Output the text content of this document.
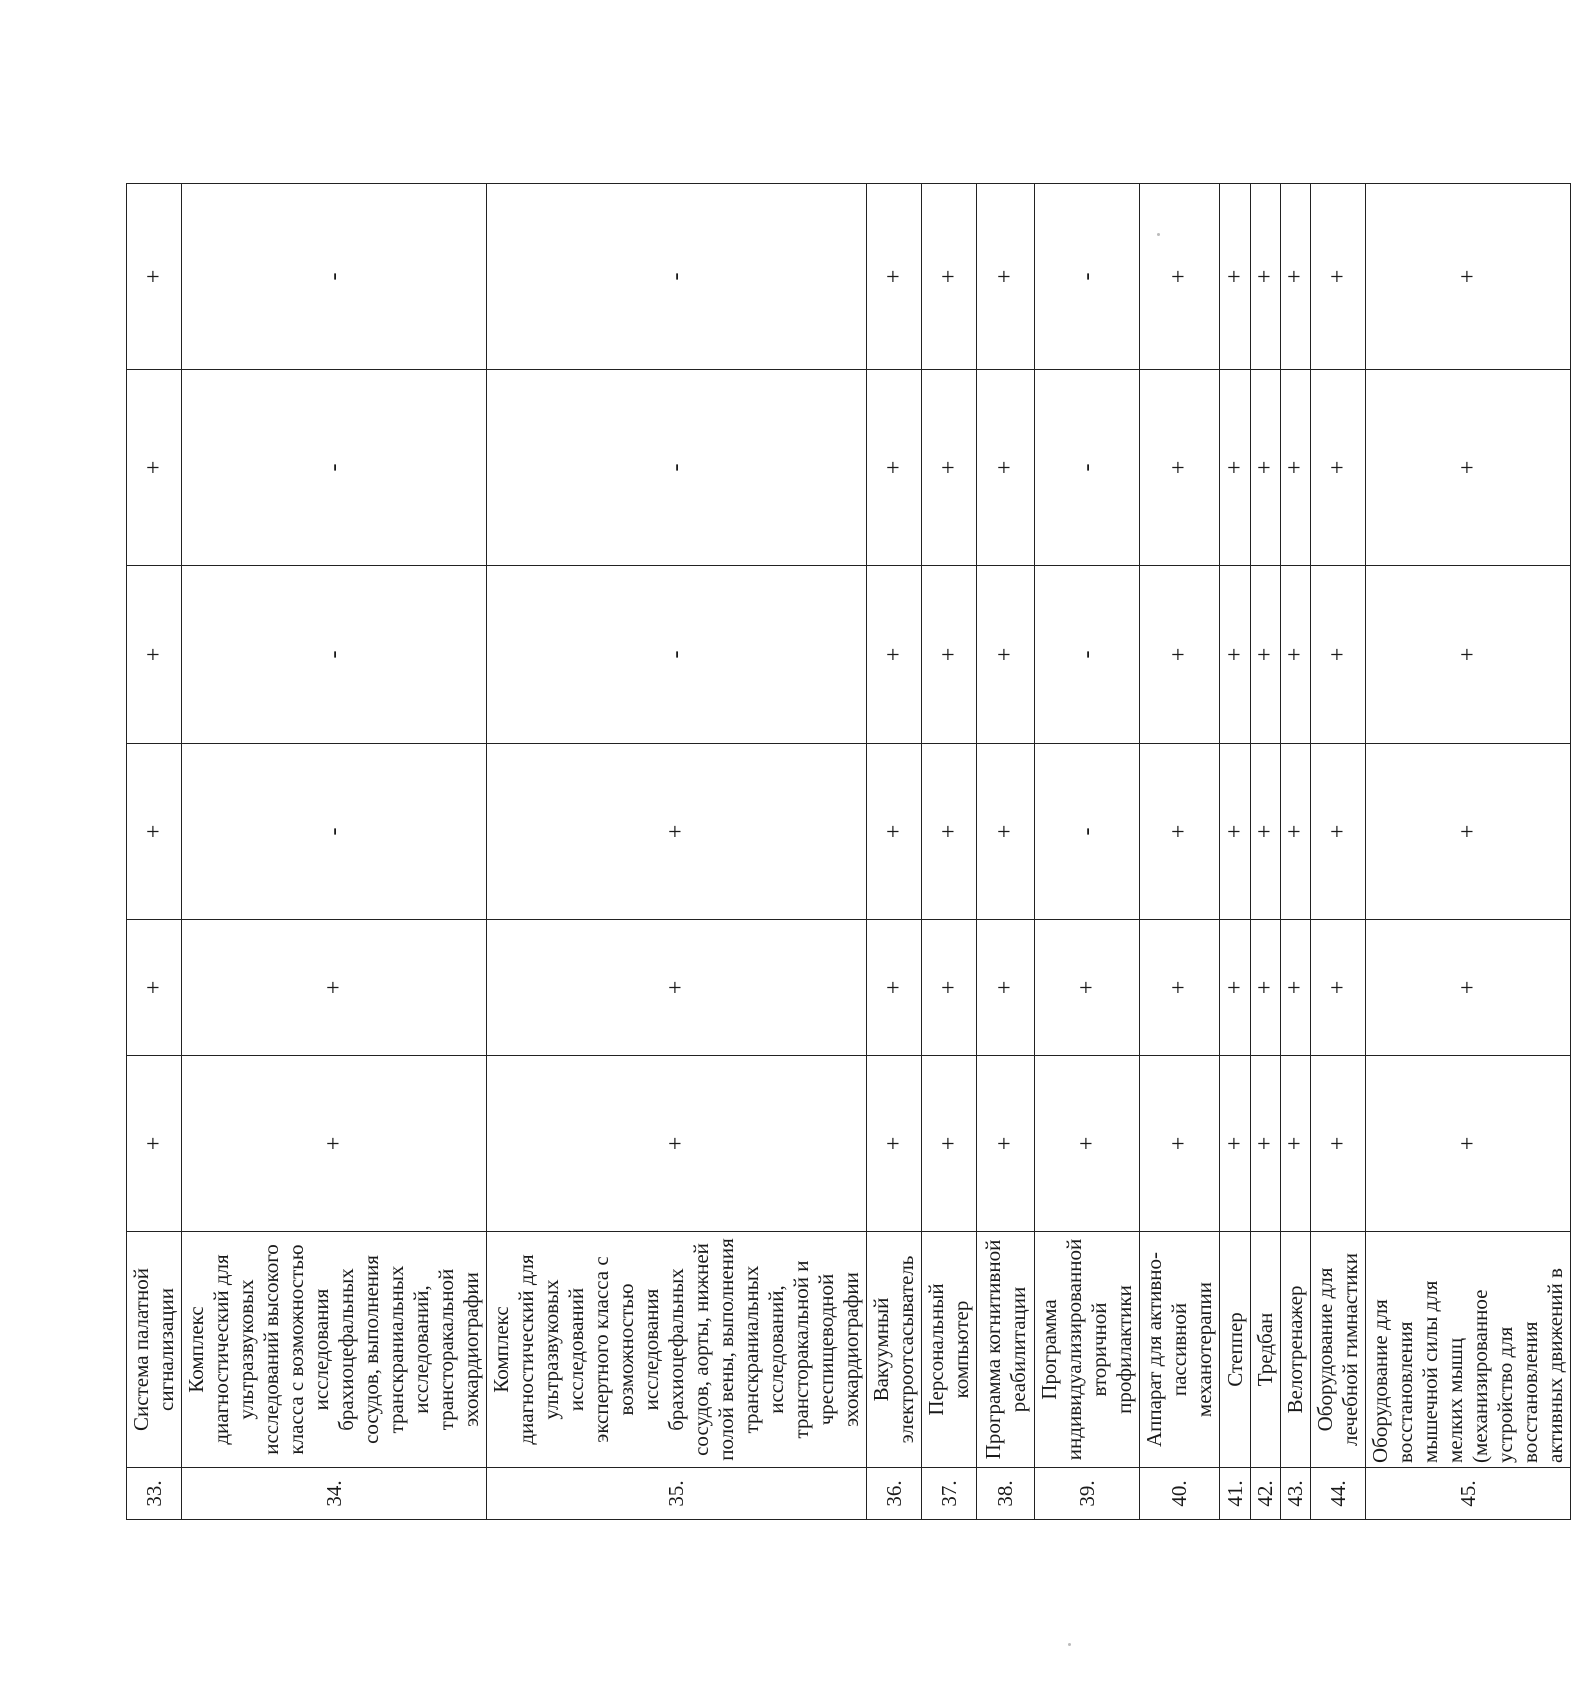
33.	Система палатной сигнализации	+	+	+	+	+	+
34.	Комплекс диагностический для ультразвуковых исследований высокого класса с возможностью исследования брахиоцефальных сосудов, выполнения транскраниальных исследований, трансторакальной эхокардиографии	+	+	-	-	-	-
35.	Комплекс диагностический для ультразвуковых исследований экспертного класса с возможностью исследования брахиоцефальных сосудов, аорты, нижней полой вены, выполнения транскраниальных исследований, трансторакальной и чреспищеводной эхокардиографии	+	+	+	-	-	-
36.	Вакуумный электроотсасыватель	+	+	+	+	+	+
37.	Персональный компьютер	+	+	+	+	+	+
38.	Программа когнитивной реабилитации	+	+	+	+	+	+
39.	Программа индивидуализированной вторичной профилактики	+	+	-	-	-	-
40.	Аппарат для активно-пассивной механотерапии	+	+	+	+	+	+
41.	Степпер	+	+	+	+	+	+
42.	Тредбан	+	+	+	+	+	+
43.	Велотренажер	+	+	+	+	+	+
44.	Оборудование для лечебной гимнастики	+	+	+	+	+	+
45.	Оборудование для восстановления мышечной силы для мелких мышц (механизированное устройство для восстановления активных движений в	+	+	+	+	+	+
